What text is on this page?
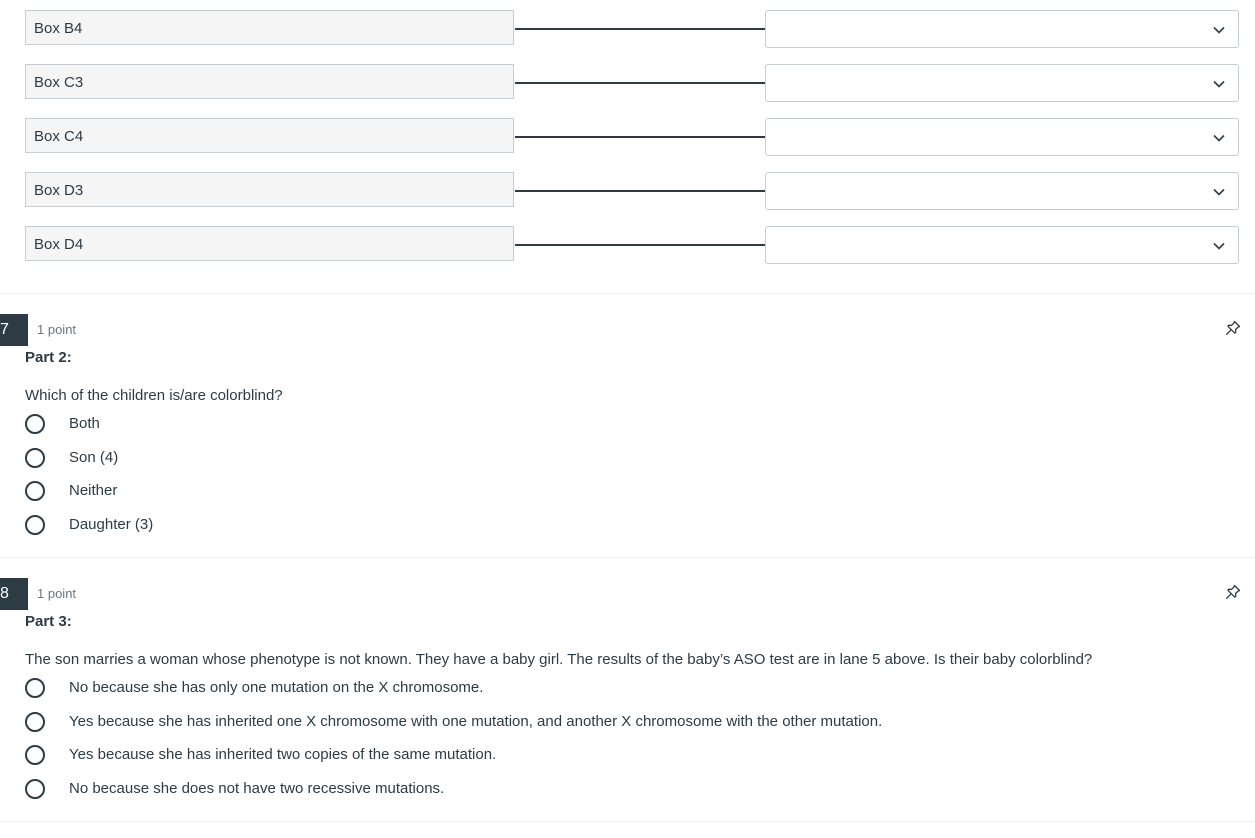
Box B4
Box C3
Box C4
Box D3
Box D4
7	1 point
Part 2:
Which of the children is/are colorblind?
Both
Son (4)
Neither
Daughter (3)
8	1 point
Part 3:
The son marries a woman whose phenotype is not known. They have a baby girl. The results of the baby’s ASO test are in lane 5 above. Is their baby colorblind?
No because she has only one mutation on the X chromosome.
Yes because she has inherited one X chromosome with one mutation, and another X chromosome with the other mutation.
Yes because she has inherited two copies of the same mutation.
No because she does not have two recessive mutations.
